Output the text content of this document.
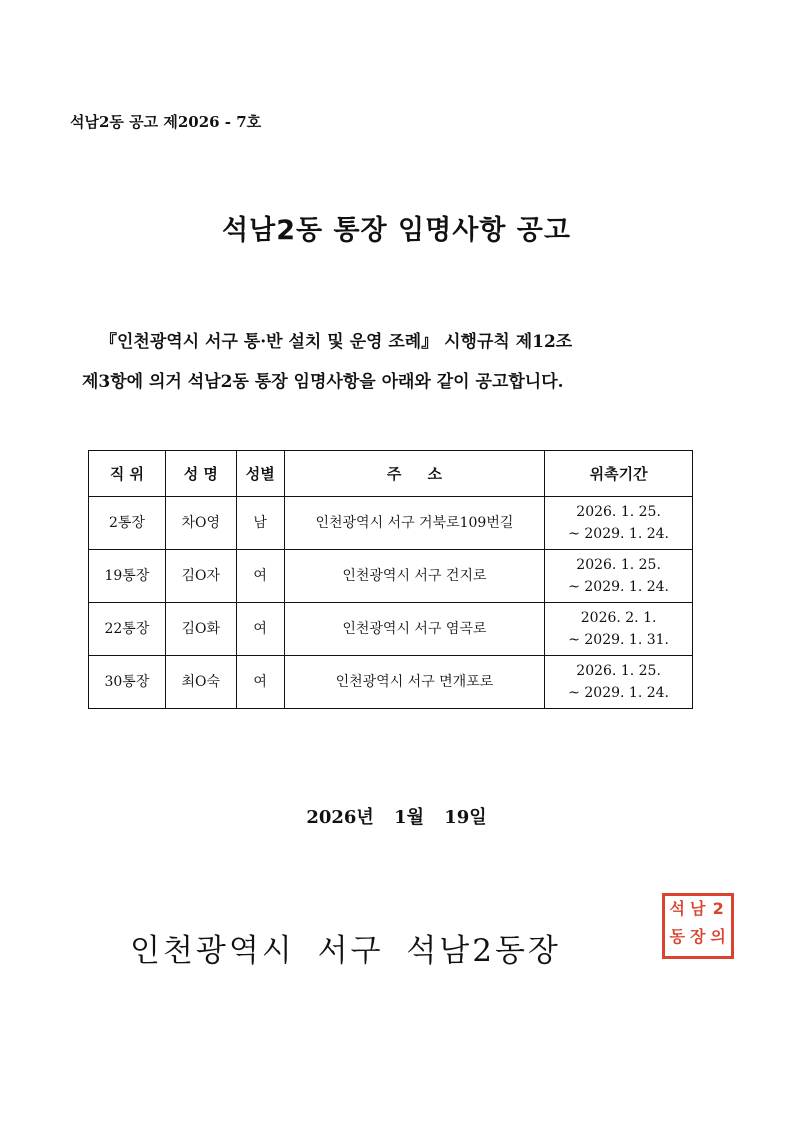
석남2동 공고 제2026 - 7호
석남2동 통장 임명사항 공고
『인천광역시 서구 통·반 설치 및 운영 조례』 시행규칙 제12조
제3항에 의거 석남2동 통장 임명사항을 아래와 같이 공고합니다.
직 위	성 명	성별	주     소	위촉기간
2통장	차O영	남	인천광역시 서구 거북로109번길	2026. 1. 25.
~ 2029. 1. 24.

19통장	김O자	여	인천광역시 서구 건지로	2026. 1. 25.
~ 2029. 1. 24.

22통장	김O화	여	인천광역시 서구 염곡로	2026. 2. 1.
~ 2029. 1. 31.

30통장	최O숙	여	인천광역시 서구 면개포로	2026. 1. 25.
~ 2029. 1. 24.
2026년 1월 19일
인천광역시 서구 석남2동장
석 남 2
동 장 의
